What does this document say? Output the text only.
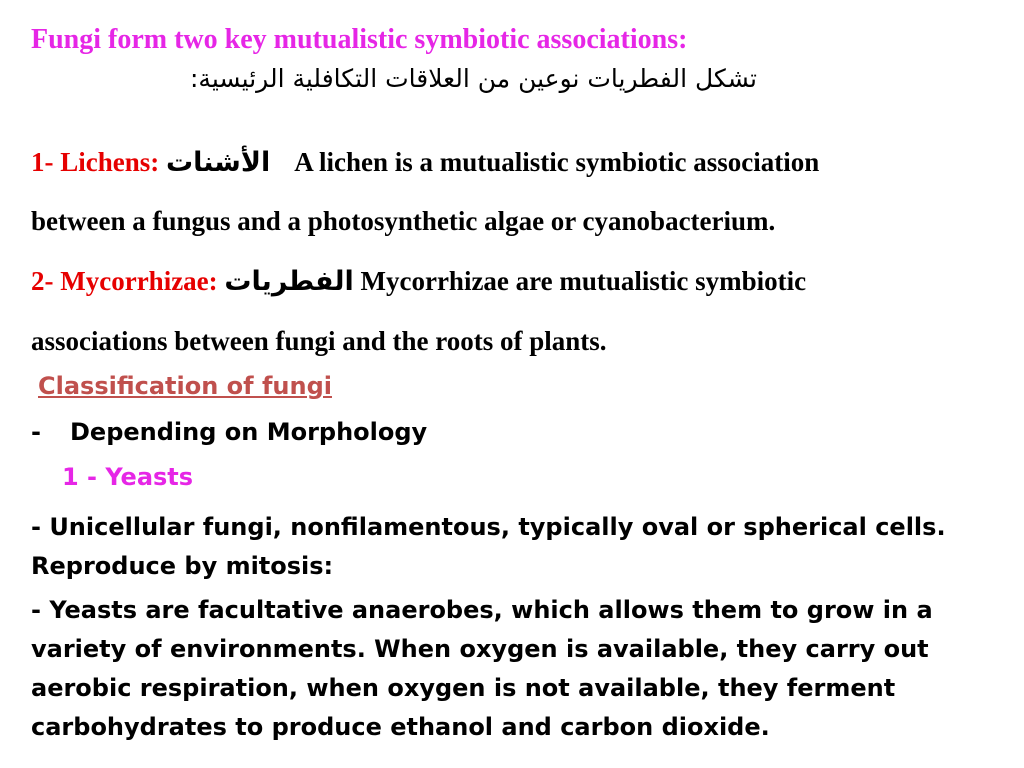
Fungi form two key mutualistic symbiotic associations:
تشكل الفطريات نوعين من العلاقات التكافلية الرئيسية:
1- Lichens: الأشنات A lichen is a mutualistic symbiotic association
between a fungus and a photosynthetic algae or cyanobacterium.
2- Mycorrhizae: الفطريات Mycorrhizae are mutualistic symbiotic
associations between fungi and the roots of plants.
Classification of fungi
- Depending on Morphology
1 - Yeasts
- Unicellular fungi, nonfilamentous, typically oval or spherical cells. Reproduce by mitosis:
- Yeasts are facultative anaerobes, which allows them to grow in a variety of environments. When oxygen is available, they carry out aerobic respiration, when oxygen is not available, they ferment carbohydrates to produce ethanol and carbon dioxide.
